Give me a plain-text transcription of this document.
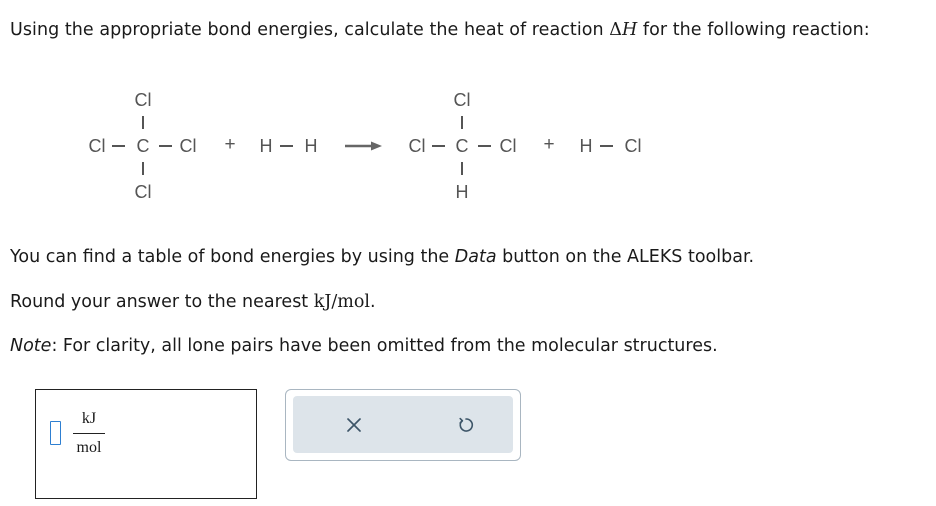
Using the appropriate bond energies, calculate the heat of reaction ΔH for the following reaction:
Cl
Cl C Cl
Cl
+ H H
Cl
Cl C Cl
H
+ H Cl
You can find a table of bond energies by using the Data button on the ALEKS toolbar.
Round your answer to the nearest kJ/mol.
Note: For clarity, all lone pairs have been omitted from the molecular structures.
kJ
mol
